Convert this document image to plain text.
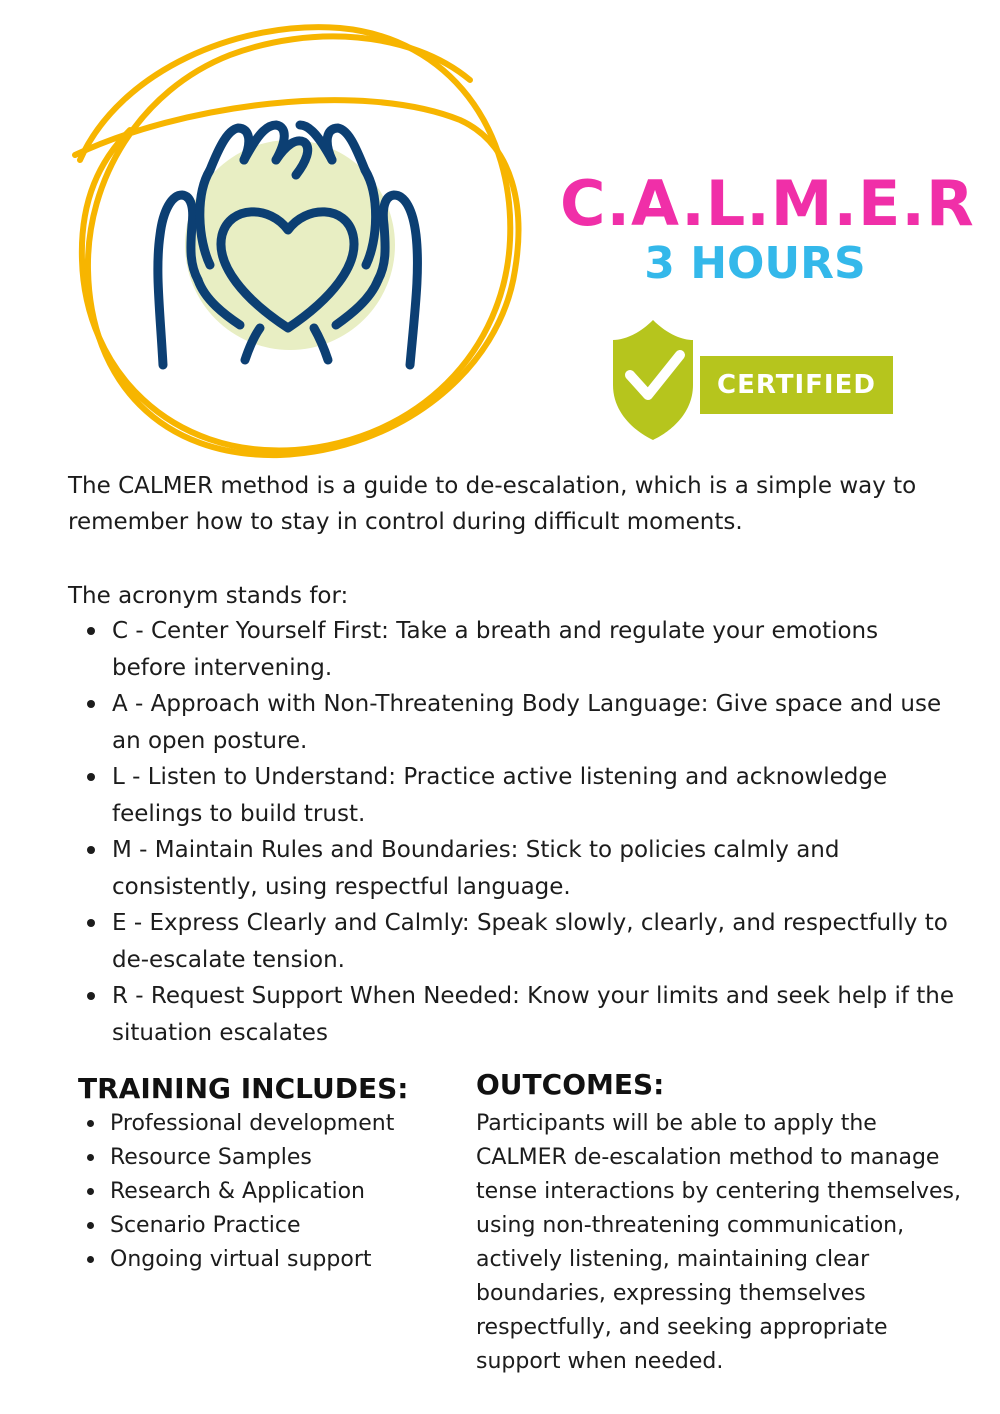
C.A.L.M.E.R
3 HOURS
CERTIFIED

The CALMER method is a guide to de-escalation, which is a simple way to remember how to stay in control during difficult moments.

The acronym stands for:

C - Center Yourself First: Take a breath and regulate your emotions before intervening.
A - Approach with Non-Threatening Body Language: Give space and use an open posture.
L - Listen to Understand: Practice active listening and acknowledge feelings to build trust.
M - Maintain Rules and Boundaries: Stick to policies calmly and consistently, using respectful language.
E - Express Clearly and Calmly: Speak slowly, clearly, and respectfully to de-escalate tension.
R - Request Support When Needed: Know your limits and seek help if the situation escalates
TRAINING INCLUDES:
Professional development
Resource Samples
Research & Application
Scenario Practice
Ongoing virtual support
OUTCOMES:

Participants will be able to apply the CALMER de-escalation method to manage tense interactions by centering themselves, using non-threatening communication, actively listening, maintaining clear boundaries, expressing themselves respectfully, and seeking appropriate support when needed.
